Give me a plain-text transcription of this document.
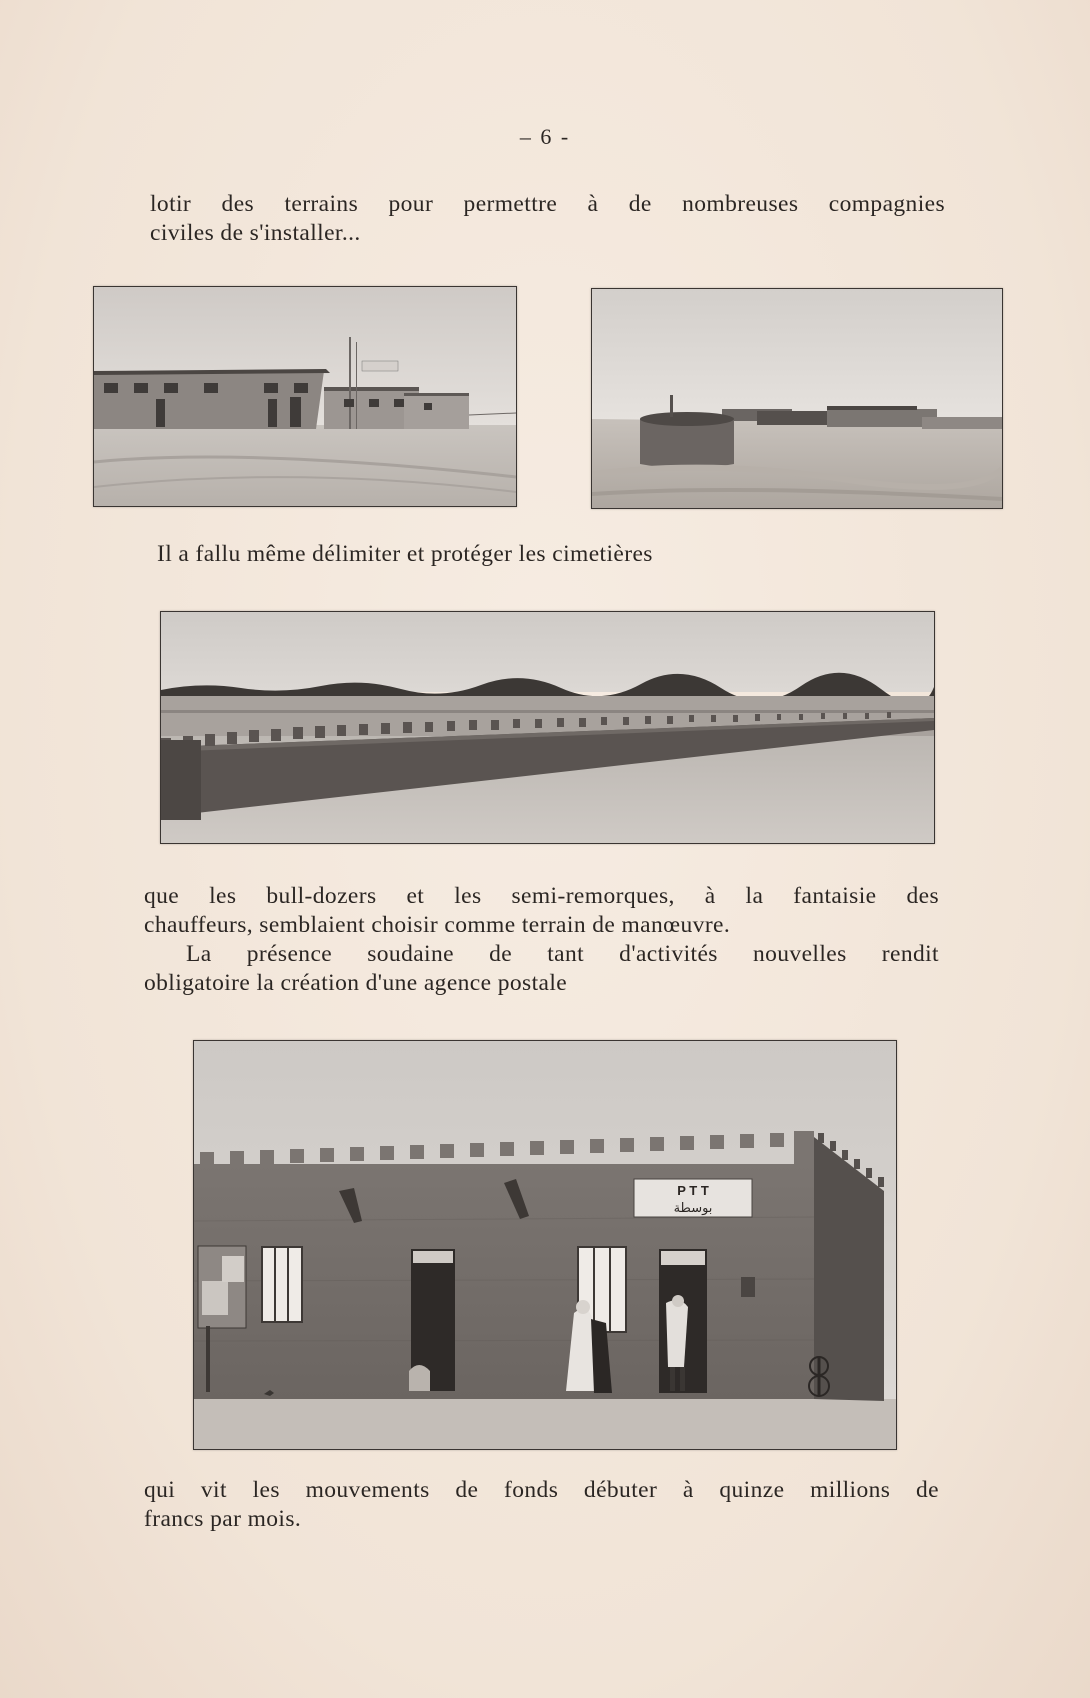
– 6 -
lotir des terrains pour permettre à de nombreuses compagnies
civiles de s'installer...
Il a fallu même délimiter et protéger les cimetières
que les bull-dozers et les semi-remorques, à la fantaisie des
chauffeurs, semblaient choisir comme terrain de manœuvre.
La présence soudaine de tant d'activités nouvelles rendit
obligatoire la création d'une agence postale
P T T
بوسطة
qui vit les mouvements de fonds débuter à quinze millions de
francs par mois.
